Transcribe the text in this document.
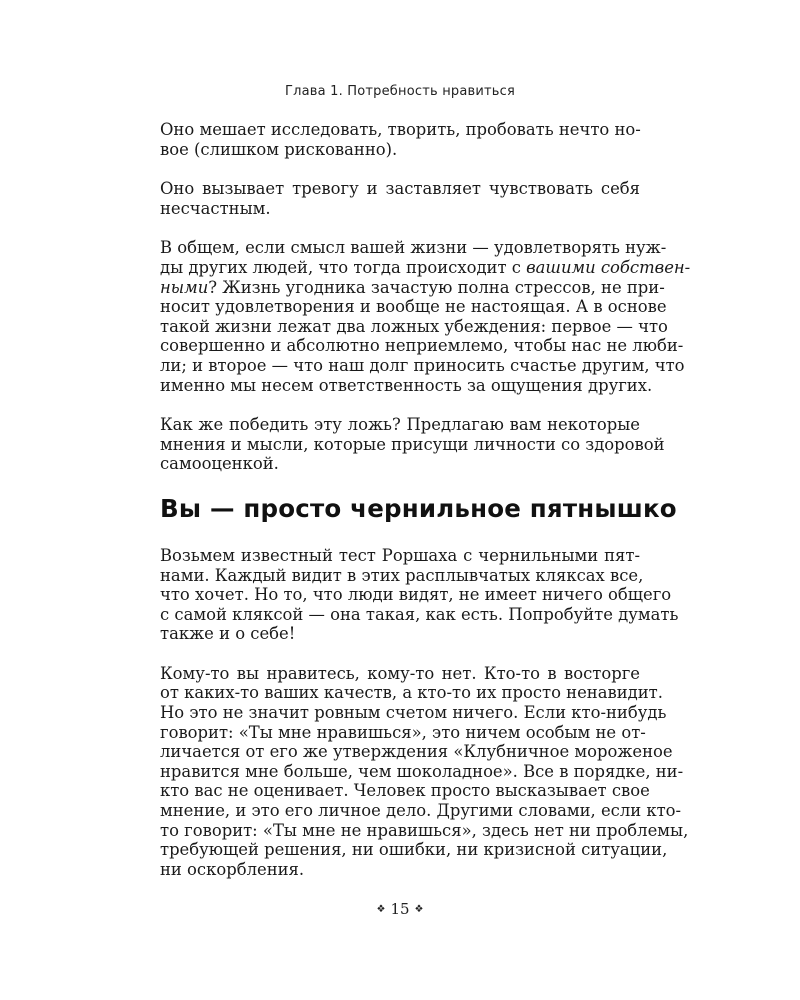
Глава 1. Потребность нравиться
Оно мешает исследовать, творить, пробовать нечто но-
вое (слишком рискованно).
Оно вызывает тревогу и заставляет чувствовать себя
несчастным.
В общем, если смысл вашей жизни — удовлетворять нуж-
ды других людей, что тогда происходит с вашими собствен-
ными? Жизнь угодника зачастую полна стрессов, не при-
носит удовлетворения и вообще не настоящая. А в основе
такой жизни лежат два ложных убеждения: первое — что
совершенно и абсолютно неприемлемо, чтобы нас не люби-
ли; и второе — что наш долг приносить счастье другим, что
именно мы несем ответственность за ощущения других.
Как же победить эту ложь? Предлагаю вам некоторые
мнения и мысли, которые присущи личности со здоровой
самооценкой.
Вы — просто чернильное пятнышко
Возьмем известный тест Роршаха с чернильными пят-
нами. Каждый видит в этих расплывчатых кляксах все,
что хочет. Но то, что люди видят, не имеет ничего общего
с самой кляксой — она такая, как есть. Попробуйте думать
также и о себе!
Кому-то вы нравитесь, кому-то нет. Кто-то в восторге
от каких-то ваших качеств, а кто-то их просто ненавидит.
Но это не значит ровным счетом ничего. Если кто-нибудь
говорит: «Ты мне нравишься», это ничем особым не от-
личается от его же утверждения «Клубничное мороженое
нравится мне больше, чем шоколадное». Все в порядке, ни-
кто вас не оценивает. Человек просто высказывает свое
мнение, и это его личное дело. Другими словами, если кто-
то говорит: «Ты мне не нравишься», здесь нет ни проблемы,
требующей решения, ни ошибки, ни кризисной ситуации,
ни оскорбления.
❖ 15 ❖
